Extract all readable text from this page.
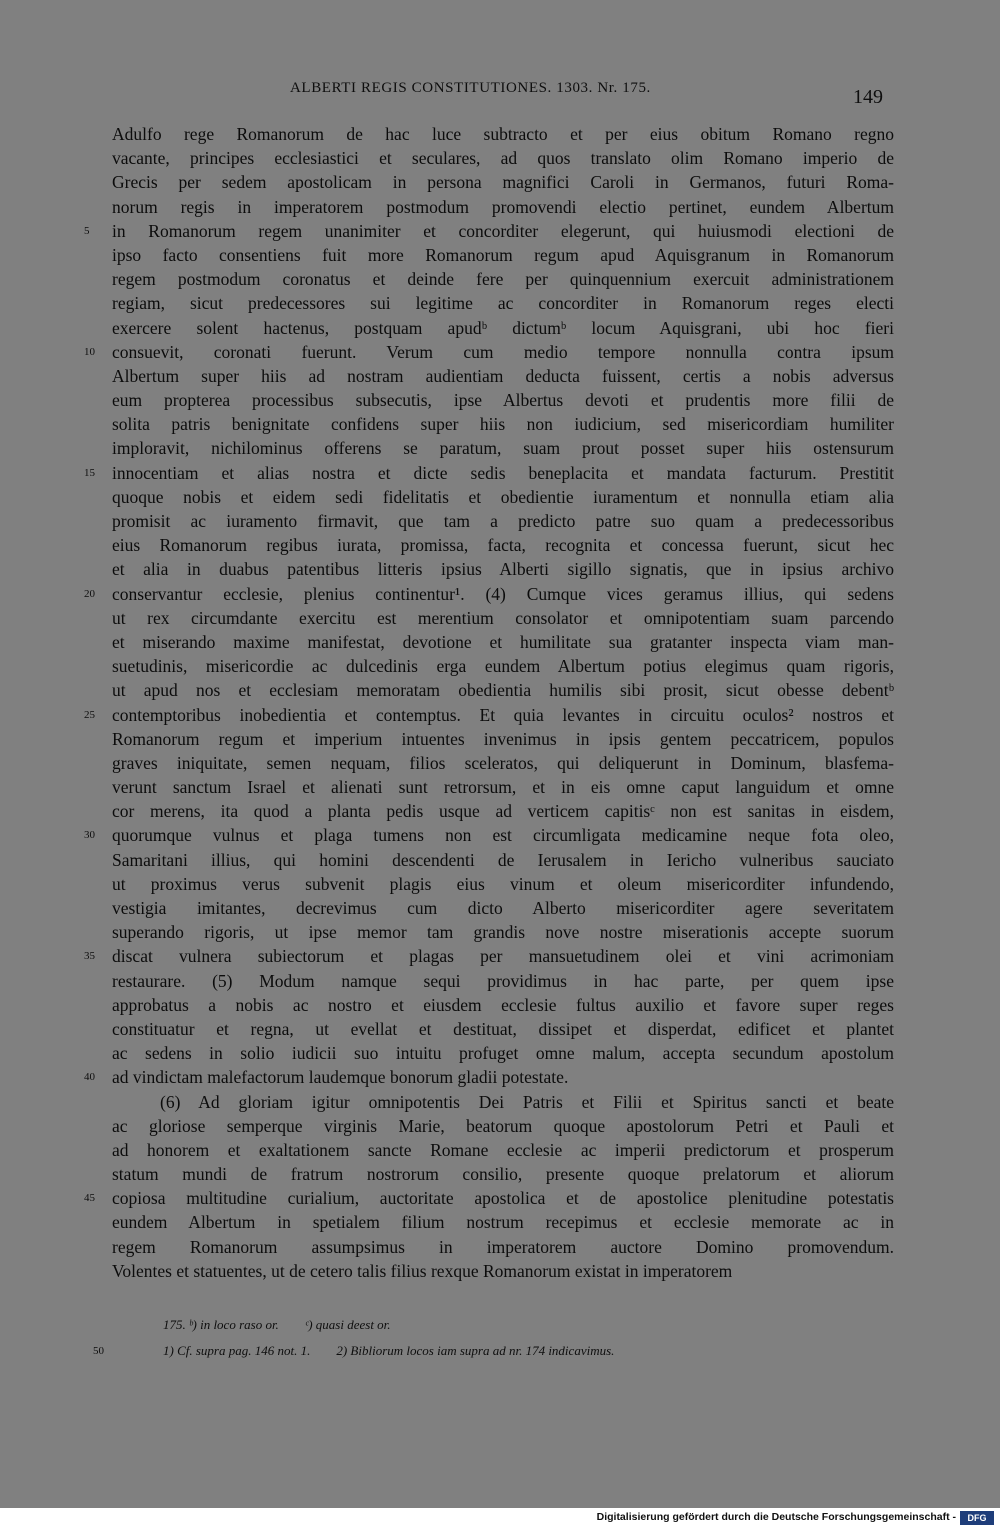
ALBERTI REGIS CONSTITUTIONES. 1303. Nr. 175.	149
Adulfo rege Romanorum de hac luce subtracto et per eius obitum Romano regno
vacante, principes ecclesiastici et seculares, ad quos translato olim Romano imperio de
Grecis per sedem apostolicam in persona magnifici Caroli in Germanos, futuri Roma-
norum regis in imperatorem postmodum promovendi electio pertinet, eundem Albertum
5	in Romanorum regem unanimiter et concorditer elegerunt, qui huiusmodi electioni de
ipso facto consentiens fuit more Romanorum regum apud Aquisgranum in Romanorum
regem postmodum coronatus et deinde fere per quinquennium exercuit administrationem
regiam, sicut predecessores sui legitime ac concorditer in Romanorum reges electi
exercere solent hactenus, postquam apudᵇ dictumᵇ locum Aquisgrani, ubi hoc fieri
10 consuevit, coronati fuerunt. Verum cum medio tempore nonnulla contra ipsum
Albertum super hiis ad nostram audientiam deducta fuissent, certis a nobis adversus
eum propterea processibus subsecutis, ipse Albertus devoti et prudentis more filii de
solita patris benignitate confidens super hiis non iudicium, sed misericordiam humiliter
imploravit, nichilominus offerens se paratum, suam prout posset super hiis ostensurum
15 innocentiam et alias nostra et dicte sedis beneplacita et mandata facturum. Prestitit
quoque nobis et eidem sedi fidelitatis et obedientie iuramentum et nonnulla etiam alia
promisit ac iuramento firmavit, que tam a predicto patre suo quam a predecessoribus
eius Romanorum regibus iurata, promissa, facta, recognita et concessa fuerunt, sicut hec
et alia in duabus patentibus litteris ipsius Alberti sigillo signatis, que in ipsius archivo
20 conservantur ecclesie, plenius continentur¹. (4) Cumque vices geramus illius, qui sedens
ut rex circumdante exercitu est merentium consolator et omnipotentiam suam parcendo
et miserando maxime manifestat, devotione et humilitate sua gratanter inspecta viam man-
suetudinis, misericordie ac dulcedinis erga eundem Albertum potius elegimus quam rigoris,
ut apud nos et ecclesiam memoratam obedientia humilis sibi prosit, sicut obesse debentᵇ
25 contemptoribus inobedientia et contemptus. Et quia levantes in circuitu oculos² nostros et
Romanorum regum et imperium intuentes invenimus in ipsis gentem peccatricem, populos
graves iniquitate, semen nequam, filios sceleratos, qui deliquerunt in Dominum, blasfema-
verunt sanctum Israel et alienati sunt retrorsum, et in eis omne caput languidum et omne
cor merens, ita quod a planta pedis usque ad verticem capitisᶜ non est sanitas in eisdem,
30 quorumque vulnus et plaga tumens non est circumligata medicamine neque fota oleo,
Samaritani illius, qui homini descendenti de Ierusalem in Iericho vulneribus sauciato
ut proximus verus subvenit plagis eius vinum et oleum misericorditer infundendo,
vestigia imitantes, decrevimus cum dicto Alberto misericorditer agere severitatem
superando rigoris, ut ipse memor tam grandis nove nostre miserationis accepte suorum
35 discat vulnera subiectorum et plagas per mansuetudinem olei et vini acrimoniam
restaurare. (5) Modum namque sequi providimus in hac parte, per quem ipse
approbatus a nobis ac nostro et eiusdem ecclesie fultus auxilio et favore super reges
constituatur et regna, ut evellat et destituat, dissipet et disperdat, edificet et plantet
ac sedens in solio iudicii suo intuitu profuget omne malum, accepta secundum apostolum
40 ad vindictam malefactorum laudemque bonorum gladii potestate.
(6) Ad gloriam igitur omnipotentis Dei Patris et Filii et Spiritus sancti et beate
ac gloriose semperque virginis Marie, beatorum quoque apostolorum Petri et Pauli et
ad honorem et exaltationem sancte Romane ecclesie ac imperii predictorum et prosperum
statum mundi de fratrum nostrorum consilio, presente quoque prelatorum et aliorum
45 copiosa multitudine curialium, auctoritate apostolica et de apostolice plenitudine potestatis
eundem Albertum in spetialem filium nostrum recepimus et ecclesie memorate ac in
regem Romanorum assumpsimus in imperatorem auctore Domino promovendum.
Volentes et statuentes, ut de cetero talis filius rexque Romanorum existat in imperatorem
175. ᵇ) in loco raso or.        ᶜ) quasi deest or.
50	1) Cf. supra pag. 146 not. 1.        2) Bibliorum locos iam supra ad nr. 174 indicavimus.
Digitalisierung gefördert durch die Deutsche Forschungsgemeinschaft -	DFG
